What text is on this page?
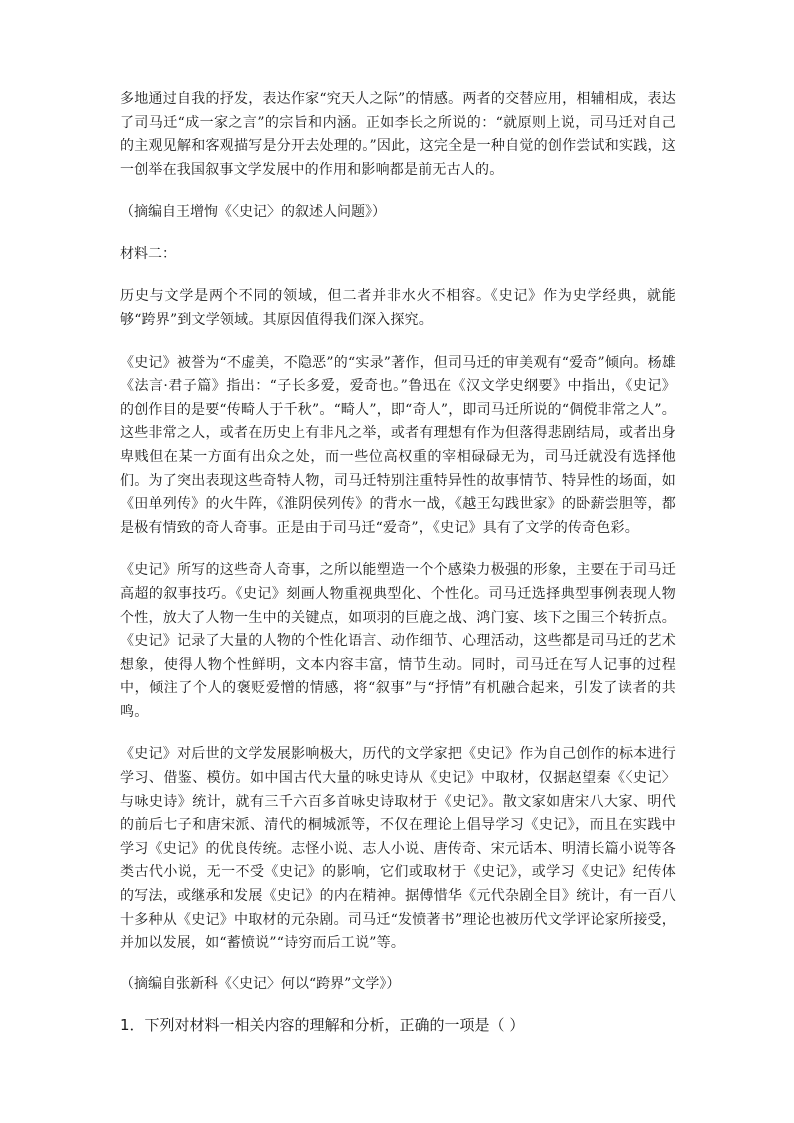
多地通过自我的抒发，表达作家“究天人之际”的情感。两者的交替应用，相辅相成，表达了司马迁“成一家之言”的宗旨和内涵。正如李长之所说的：“就原则上说，司马迁对自己的主观见解和客观描写是分开去处理的。”因此，这完全是一种自觉的创作尝试和实践，这一创举在我国叙事文学发展中的作用和影响都是前无古人的。

（摘编自王增恂《〈史记〉的叙述人问题》）

材料二：

历史与文学是两个不同的领域，但二者并非水火不相容。《史记》作为史学经典，就能够“跨界”到文学领域。其原因值得我们深入探究。

《史记》被誉为“不虚美，不隐恶”的“实录”著作，但司马迁的审美观有“爱奇”倾向。杨雄《法言·君子篇》指出：“子长多爱，爱奇也。”鲁迅在《汉文学史纲要》中指出，《史记》的创作目的是要“传畸人于千秋”。“畸人”，即“奇人”，即司马迁所说的“倜傥非常之人”。这些非常之人，或者在历史上有非凡之举，或者有理想有作为但落得悲剧结局，或者出身卑贱但在某一方面有出众之处，而一些位高权重的宰相碌碌无为，司马迁就没有选择他们。为了突出表现这些奇特人物，司马迁特别注重特异性的故事情节、特异性的场面，如《田单列传》的火牛阵，《淮阴侯列传》的背水一战，《越王勾践世家》的卧薪尝胆等，都是极有情致的奇人奇事。正是由于司马迁“爱奇”，《史记》具有了文学的传奇色彩。

《史记》所写的这些奇人奇事，之所以能塑造一个个感染力极强的形象，主要在于司马迁高超的叙事技巧。《史记》刻画人物重视典型化、个性化。司马迁选择典型事例表现人物个性，放大了人物一生中的关键点，如项羽的巨鹿之战、鸿门宴、垓下之围三个转折点。《史记》记录了大量的人物的个性化语言、动作细节、心理活动，这些都是司马迁的艺术想象，使得人物个性鲜明，文本内容丰富，情节生动。同时，司马迁在写人记事的过程中，倾注了个人的褒贬爱憎的情感，将“叙事”与“抒情”有机融合起来，引发了读者的共鸣。

《史记》对后世的文学发展影响极大，历代的文学家把《史记》作为自己创作的标本进行学习、借鉴、模仿。如中国古代大量的咏史诗从《史记》中取材，仅据赵望秦《〈史记〉与咏史诗》统计，就有三千六百多首咏史诗取材于《史记》。散文家如唐宋八大家、明代的前后七子和唐宋派、清代的桐城派等，不仅在理论上倡导学习《史记》，而且在实践中学习《史记》的优良传统。志怪小说、志人小说、唐传奇、宋元话本、明清长篇小说等各类古代小说，无一不受《史记》的影响，它们或取材于《史记》，或学习《史记》纪传体的写法，或继承和发展《史记》的内在精神。据傅惜华《元代杂剧全目》统计，有一百八十多种从《史记》中取材的元杂剧。司马迁“发愤著书”理论也被历代文学评论家所接受，并加以发展，如“蓄愤说”“诗穷而后工说”等。

（摘编自张新科《〈史记〉何以“跨界”文学》）

1．下列对材料一相关内容的理解和分析，正确的一项是（ ）
